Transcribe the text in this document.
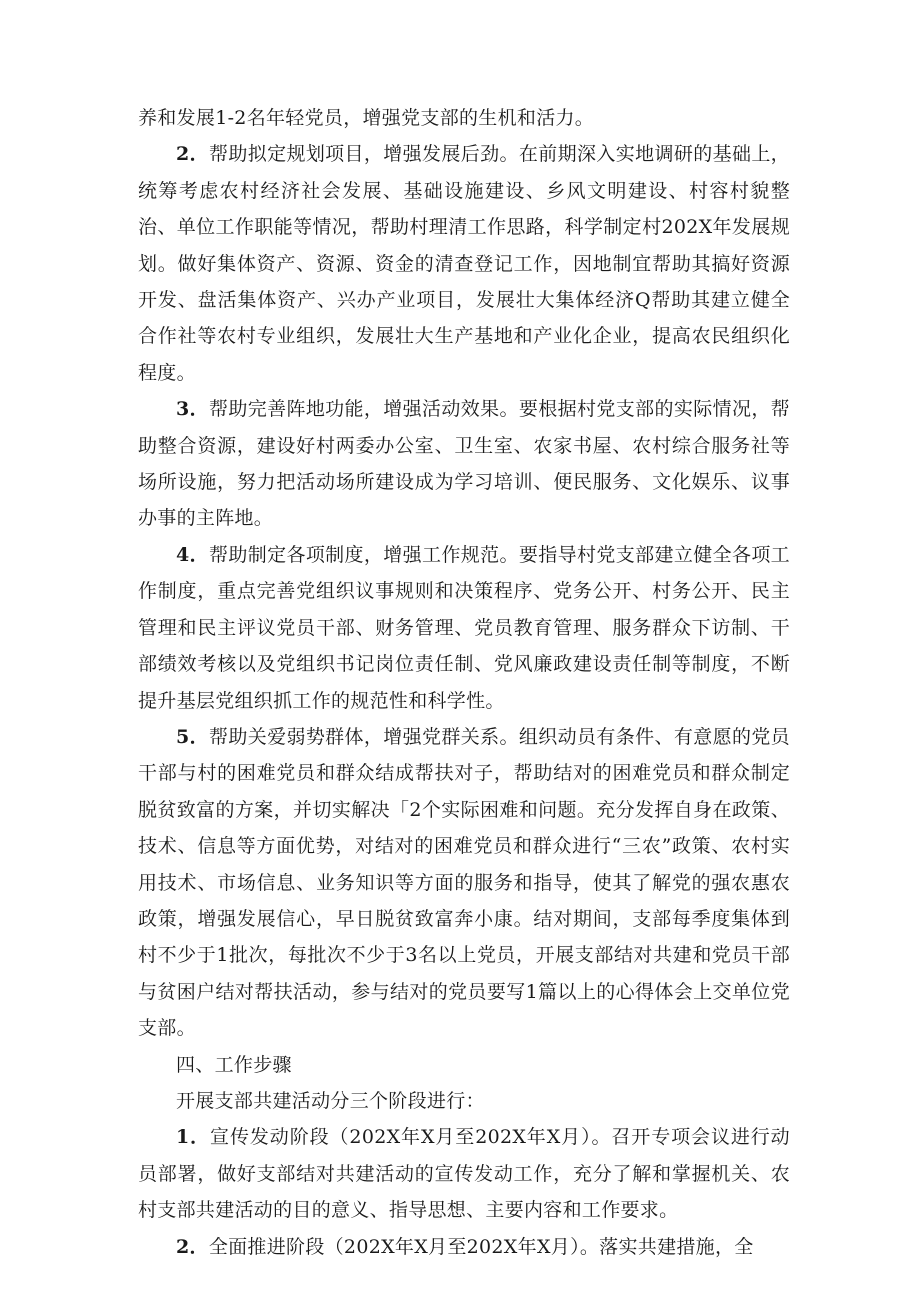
养和发展1-2名年轻党员，增强党支部的生机和活力。

2．帮助拟定规划项目，增强发展后劲。在前期深入实地调研的基础上，统筹考虑农村经济社会发展、基础设施建设、乡风文明建设、村容村貌整治、单位工作职能等情况，帮助村理清工作思路，科学制定村202X年发展规划。做好集体资产、资源、资金的清查登记工作，因地制宜帮助其搞好资源开发、盘活集体资产、兴办产业项目，发展壮大集体经济Q帮助其建立健全合作社等农村专业组织，发展壮大生产基地和产业化企业，提高农民组织化程度。

3．帮助完善阵地功能，增强活动效果。要根据村党支部的实际情况，帮助整合资源，建设好村两委办公室、卫生室、农家书屋、农村综合服务社等场所设施，努力把活动场所建设成为学习培训、便民服务、文化娱乐、议事办事的主阵地。

4．帮助制定各项制度，增强工作规范。要指导村党支部建立健全各项工作制度，重点完善党组织议事规则和决策程序、党务公开、村务公开、民主管理和民主评议党员干部、财务管理、党员教育管理、服务群众下访制、干部绩效考核以及党组织书记岗位责任制、党风廉政建设责任制等制度，不断提升基层党组织抓工作的规范性和科学性。

5．帮助关爱弱势群体，增强党群关系。组织动员有条件、有意愿的党员干部与村的困难党员和群众结成帮扶对子，帮助结对的困难党员和群众制定脱贫致富的方案，并切实解决「2个实际困难和问题。充分发挥自身在政策、技术、信息等方面优势，对结对的困难党员和群众进行“三农”政策、农村实用技术、市场信息、业务知识等方面的服务和指导，使其了解党的强农惠农政策，增强发展信心，早日脱贫致富奔小康。结对期间，支部每季度集体到村不少于1批次，每批次不少于3名以上党员，开展支部结对共建和党员干部与贫困户结对帮扶活动，参与结对的党员要写1篇以上的心得体会上交单位党支部。

四、工作步骤

开展支部共建活动分三个阶段进行：

1．宣传发动阶段（202X年X月至202X年X月）。召开专项会议进行动员部署，做好支部结对共建活动的宣传发动工作，充分了解和掌握机关、农村支部共建活动的目的意义、指导思想、主要内容和工作要求。

2．全面推进阶段（202X年X月至202X年X月）。落实共建措施，全
